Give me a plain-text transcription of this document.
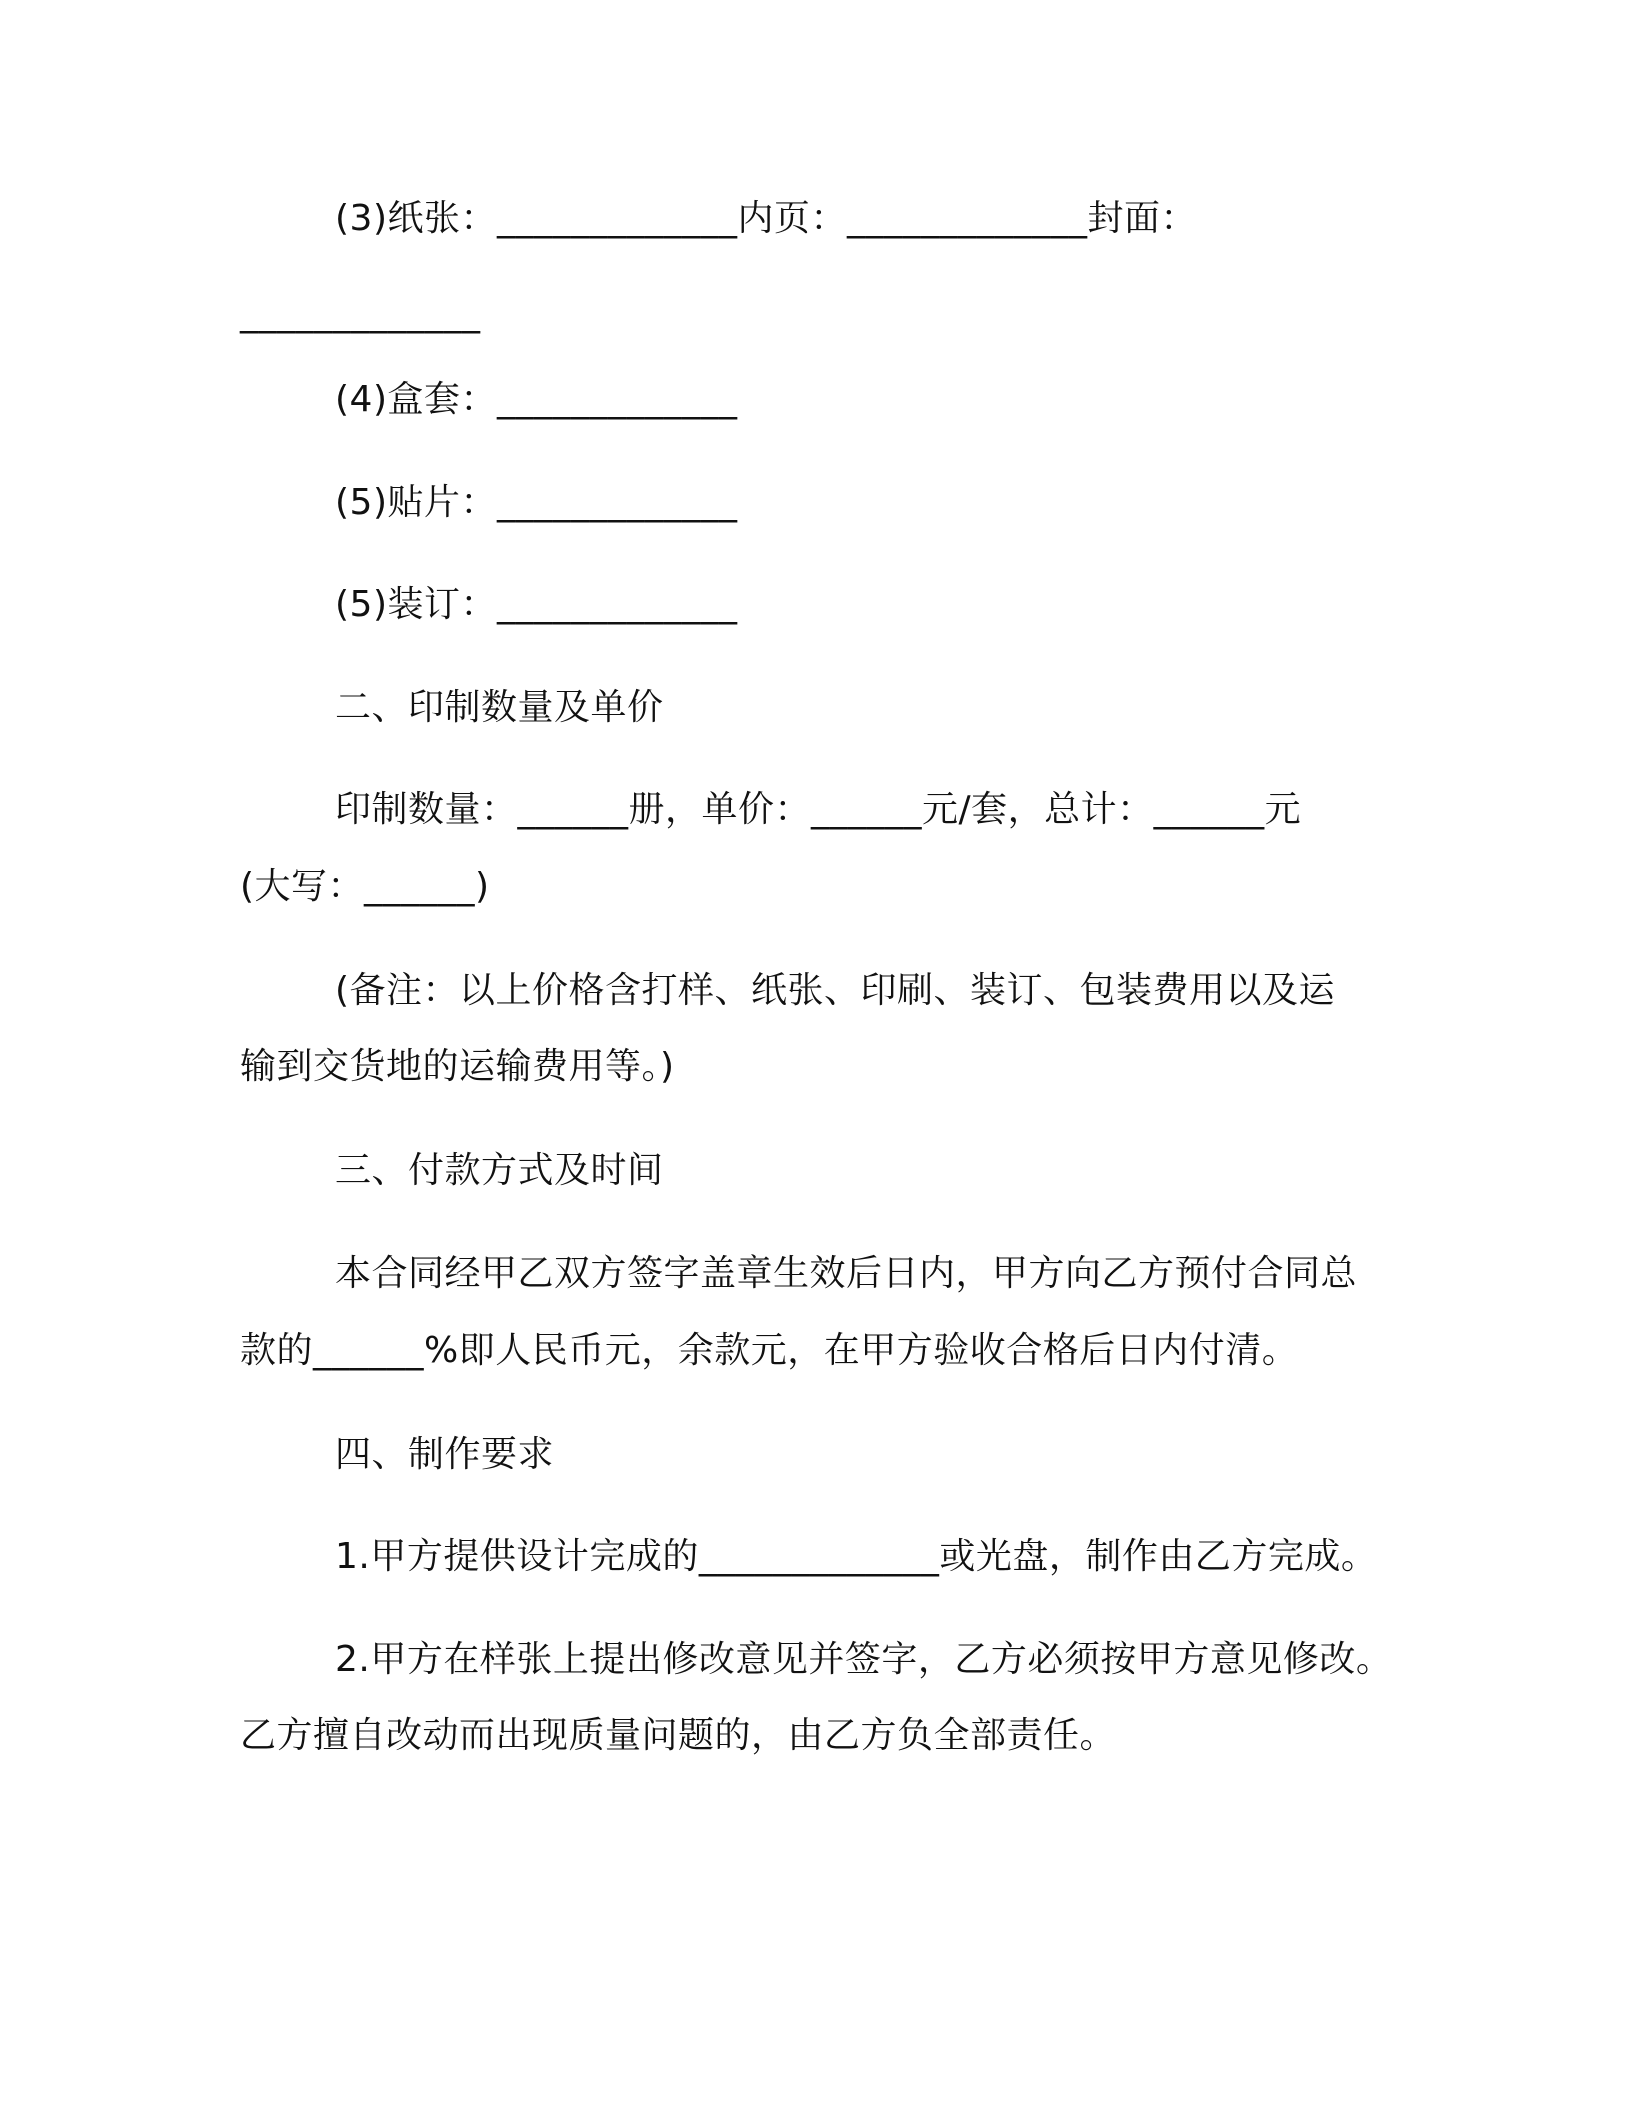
(3)纸张：_____________内页：_____________封面：
_____________
(4)盒套：_____________
(5)贴片：_____________
(5)装订：_____________
二、印制数量及单价
印制数量：______册，单价：______元/套，总计：______元
(大写：______)
(备注：以上价格含打样、纸张、印刷、装订、包装费用以及运
输到交货地的运输费用等。)
三、付款方式及时间
本合同经甲乙双方签字盖章生效后日内，甲方向乙方预付合同总
款的______%即人民币元，余款元，在甲方验收合格后日内付清。
四、制作要求
1.甲方提供设计完成的_____________或光盘，制作由乙方完成。
2.甲方在样张上提出修改意见并签字，乙方必须按甲方意见修改。
乙方擅自改动而出现质量问题的，由乙方负全部责任。
